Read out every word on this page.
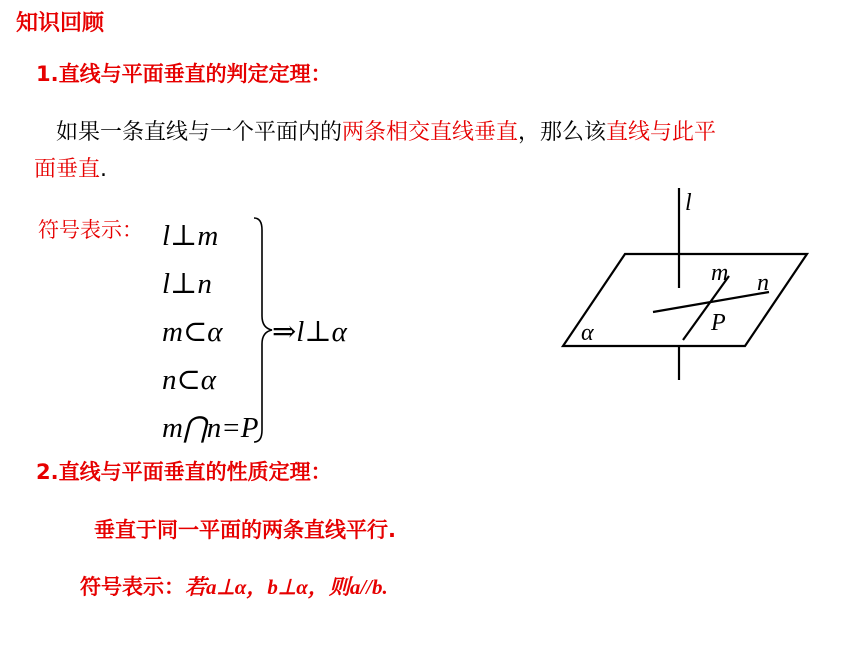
知识回顾
1.直线与平面垂直的判定定理：
如果一条直线与一个平面内的两条相交直线垂直，那么该直线与此平
面垂直.
符号表示： l⊥m
l⊥n
m⊂α
n⊂α
m⋂n=P
⇒l⊥α
l
m n
P
α
2.直线与平面垂直的性质定理：
垂直于同一平面的两条直线平行.
符号表示：若a⊥α，b⊥α，则a//b.
